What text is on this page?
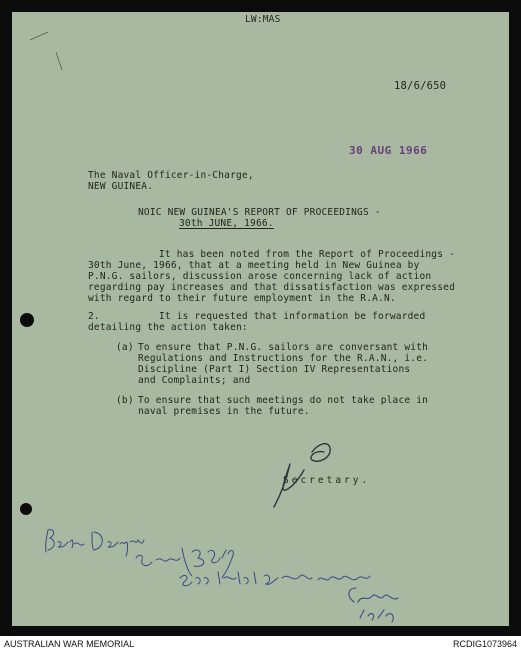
LW:MAS
18/6/650
30 AUG 1966
The Naval Officer-in-Charge,
NEW GUINEA.
NOIC NEW GUINEA'S REPORT OF PROCEEDINGS -
30th JUNE, 1966.
It has been noted from the Report of Proceedings -
30th June, 1966, that at a meeting held in New Guinea by
P.N.G. sailors, discussion arose concerning lack of action
regarding pay increases and that dissatisfaction was expressed
with regard to their future employment in the R.A.N.
2.	It is requested that information be forwarded
detailing the action taken:
(a) To ensure that P.N.G. sailors are conversant with
Regulations and Instructions for the R.A.N., i.e.
Discipline (Part I) Section IV Representations
and Complaints; and
(b) To ensure that such meetings do not take place in
naval premises in the future.
Secretary.
AUSTRALIAN WAR MEMORIAL	RCDIG1073964
